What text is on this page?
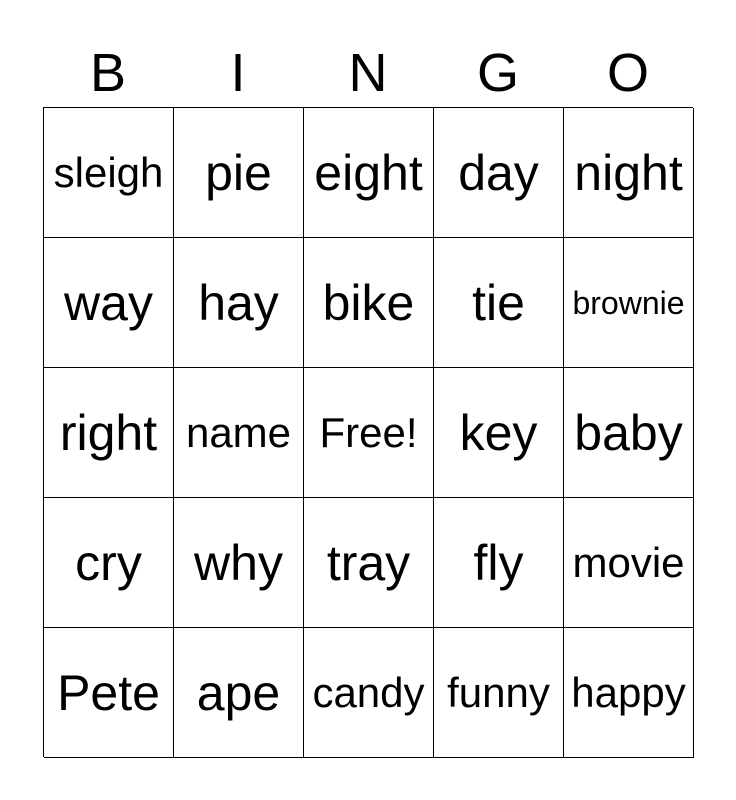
B	I	N	G	O
sleigh pie eight day night
way hay bike	tie	brownie
right name Free! key baby
cry	why tray	fly	movie
Pete ape candy funny happy
